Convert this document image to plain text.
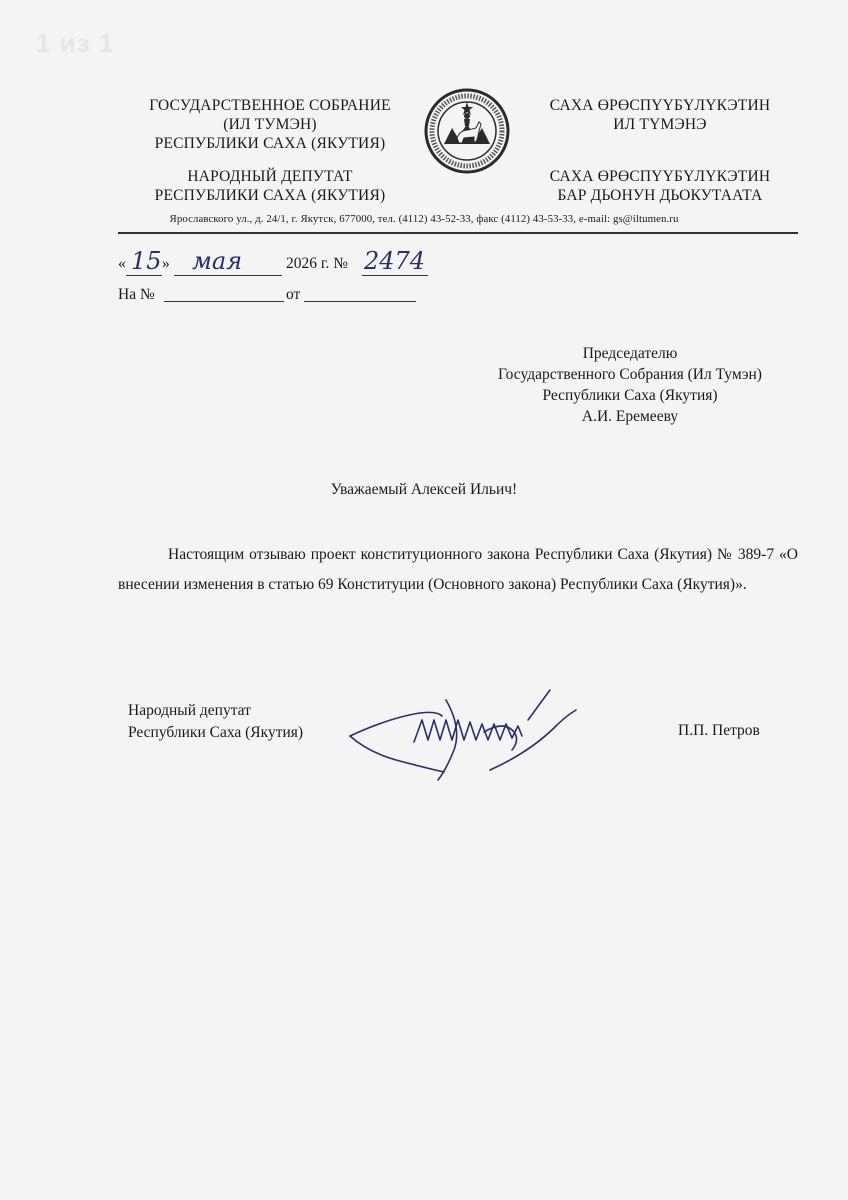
1 из 1
ГОСУДАРСТВЕННОЕ СОБРАНИЕ
(ИЛ ТУМЭН)
РЕСПУБЛИКИ САХА (ЯКУТИЯ)
НАРОДНЫЙ ДЕПУТАТ
РЕСПУБЛИКИ САХА (ЯКУТИЯ)
САХА ӨРӨСПҮҮБҮЛҮКЭТИН
ИЛ ТҮМЭНЭ
САХА ӨРӨСПҮҮБҮЛҮКЭТИН
БАР ДЬОНУН ДЬОКУТААТА
Ярославского ул., д. 24/1, г. Якутск, 677000, тел. (4112) 43-52-33, факс (4112) 43-53-33, e-mail: gs@iltumen.ru
« 15 » мая	2026 г. № 2474
На №	от
Председателю
Государственного Собрания (Ил Тумэн)
Республики Саха (Якутия)
А.И. Еремееву
Уважаемый Алексей Ильич!
Настоящим отзываю проект конституционного закона Республики Саха (Якутия) № 389-7 «О внесении изменения в статью 69 Конституции (Основного закона) Республики Саха (Якутия)».
Народный депутат
Республики Саха (Якутия)	П.П. Петров
